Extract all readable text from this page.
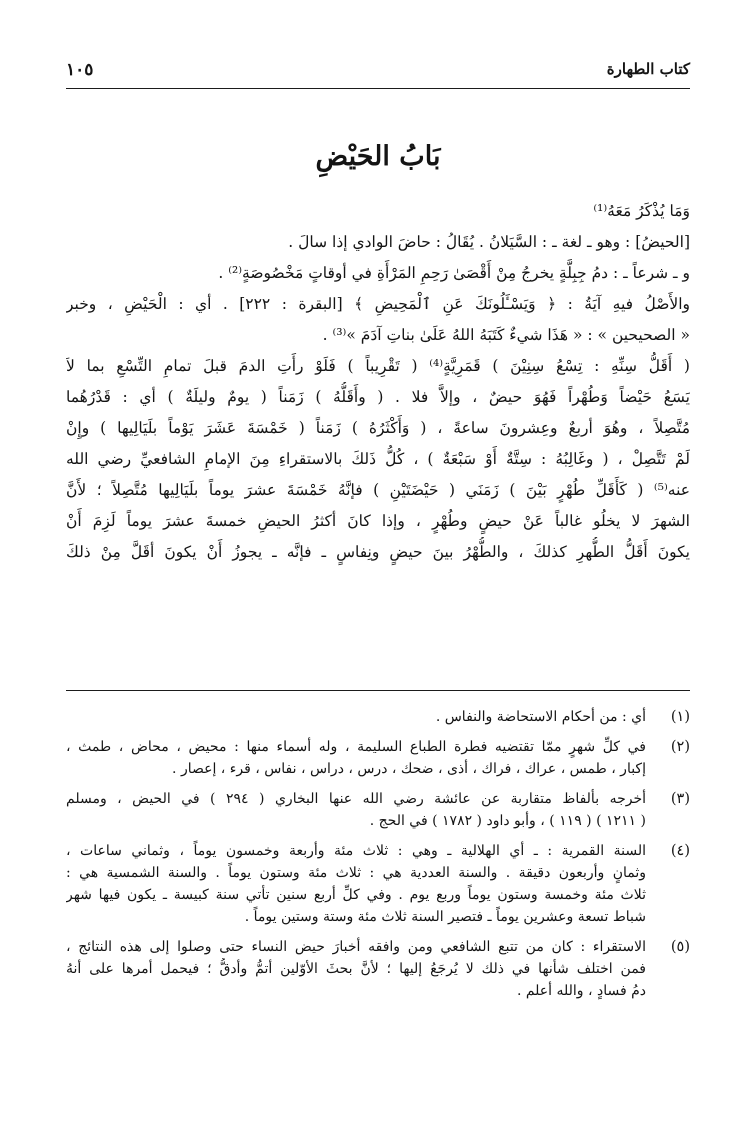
كتاب الطهارة
١٠٥
بَابُ الحَيْضِ
وَمَا يُذْكَرُ مَعَهُ⁽¹⁾
[الحيضُ] : وهو ـ لغة ـ : السَّيَلانُ . يُقَالُ : حاضَ الوادي إذا سالَ .
و ـ شرعاً ـ : دمُ جِبِلَّةٍ يخرجُ مِنْ أَقْصَىٰ رَحِمِ المَرْأَةِ في أوقاتٍ مَخْصُوصَةٍ⁽²⁾ .
والأَصْلُ فيهِ آيَةُ : ﴿ وَيَسْـَٔلُونَكَ عَنِ ٱلْمَحِيضِ ﴾ [البقرة : ٢٢٢] . أي : الْحَيْضِ ، وخبر
« الصحيحين » : « هَذَا شيءٌ كَتَبَهُ اللهُ عَلَىٰ بناتِ آدَمَ »⁽³⁾ .
( أَقَلُّ سِنِّهِ : تِسْعُ سِنِيْنَ ) قَمَرِيَّةٍ⁽⁴⁾ ( تَقْرِيباً ) فَلَوْ رأَتِ الدمَ قبلَ تمامِ التِّسْعِ بما لاَ
يَسَعُ حَيْضاً وَطُهْراً فَهُوَ حيضٌ ، وإلاَّ فلا . ( وأَقَلُّهُ ) زَمَناً ( يومٌ وليلَةٌ ) أي : قَدْرُهُما
مُتَّصِلاً ، وهُوَ أربعٌ وعِشرونَ ساعةً ، ( وَأَكْثَرُهُ ) زَمَناً ( خَمْسَةَ عَشَرَ يَوْماً بلَيَالِيها ) وإِنْ
لَمْ تَتَّصِلْ ، ( وغَالِبُهُ : سِتَّةٌ أَوْ سَبْعَةٌ ) ، كُلُّ ذَلكَ بالاستقراءِ مِنَ الإمامِ الشافعيِّ رضي الله
عنه⁽⁵⁾ ( كَأَقَلِّ طُهْرٍ بَيْنَ ) زَمَنَي ( حَيْضَتَيْنِ ) فإنَّهُ خَمْسَةَ عشرَ يوماً بلَيَالِيها مُتَّصِلاً ؛ لأَنَّ
الشهرَ لا يخلُو غالباً عَنْ حيضٍ وطُهْرٍ ، وإذا كانَ أكثرُ الحيضِ خمسةَ عشرَ يوماً لَزِمَ أَنْ
يكونَ أَقَلُّ الطُّهرِ كذلكَ ، والطُّهْرُ بينَ حيضٍ ونِفاسٍ ـ فإنَّه ـ يجوزُ أَنْ يكونَ أقَلَّ مِنْ ذلكَ
(١)
أي : من أحكام الاستحاضة والنفاس .
(٢)
في كلِّ شهرٍ ممّا تقتضيه فطرة الطباع السليمة ، وله أسماء منها : محيض ، محاض ، طمث ،
إكبار ، طمس ، عراك ، فراك ، أذى ، ضحك ، درس ، دراس ، نفاس ، قرء ، إعصار .
(٣)
أخرجه بألفاظ متقاربة عن عائشة رضي الله عنها البخاري ( ٢٩٤ ) في الحيض ، ومسلم
( ١٢١١ ) ( ١١٩ ) ، وأبو داود ( ١٧٨٢ ) في الحج .
(٤)
السنة القمرية : ـ أي الهلالية ـ وهي : ثلاث مئة وأربعة وخمسون يوماً ، وثماني ساعات ،
وثمانٍ وأربعون دقيقة . والسنة العددية هي : ثلاث مئة وستون يوماً . والسنة الشمسية هي :
ثلاث مئة وخمسة وستون يوماً وربع يوم . وفي كلِّ أربع سنين تأتي سنة كبيسة ـ يكون فيها شهر
شباط تسعة وعشرين يوماً ـ فتصير السنة ثلاث مئة وستة وستين يوماً .
(٥)
الاستقراء : كان من تتبع الشافعي ومن وافقه أخبارَ حيض النساء حتى وصلوا إلى هذه النتائج ،
فمن اختلف شأنها في ذلك لا يُرجَعُ إليها ؛ لأنَّ بحثَ الأوّلين أتمُّ وأدقُّ ؛ فيحمل أمرها على أنهُ
دمُ فسادٍ ، والله أعلم .
